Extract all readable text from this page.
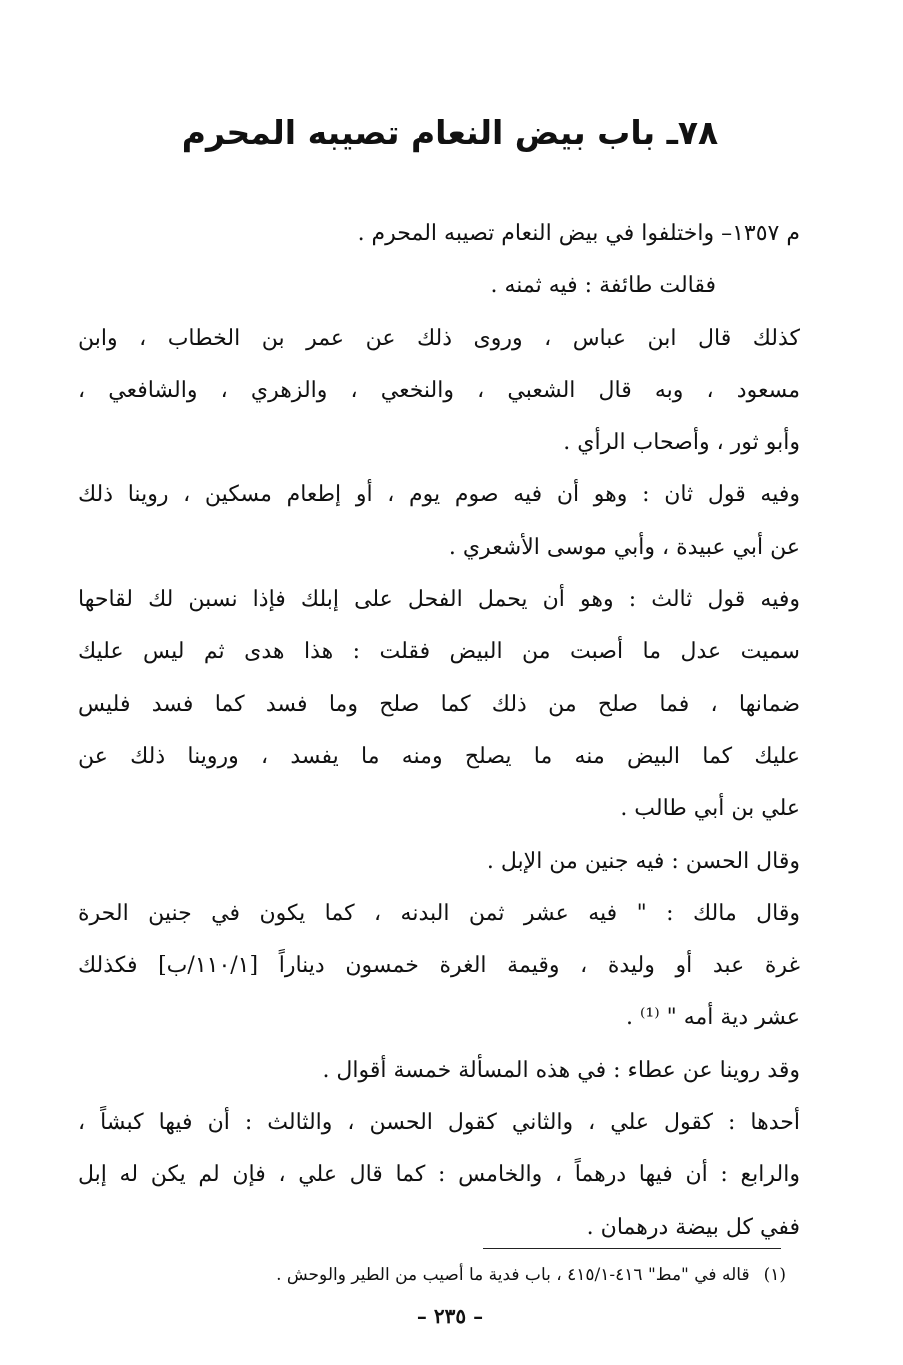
٧٨ـ باب بيض النعام تصيبه المحرم
م ١٣٥٧– واختلفوا في بيض النعام تصيبه المحرم .
فقالت طائفة : فيه ثمنه .
كذلك قال ابن عباس ، وروى ذلك عن عمر بن الخطاب ، وابن
مسعود ، وبه قال الشعبي ، والنخعي ، والزهري ، والشافعي ،
وأبو ثور ، وأصحاب الرأي .
وفيه قول ثان : وهو أن فيه صوم يوم ، أو إطعام مسكين ، روينا ذلك
عن أبي عبيدة ، وأبي موسى الأشعري .
وفيه قول ثالث : وهو أن يحمل الفحل على إبلك فإذا نسبن لك لقاحها
سميت عدل ما أصبت من البيض فقلت : هذا هدى ثم ليس عليك
ضمانها ، فما صلح من ذلك كما صلح وما فسد كما فسد فليس
عليك كما البيض منه ما يصلح ومنه ما يفسد ، وروينا ذلك عن
علي بن أبي طالب .
وقال الحسن : فيه جنين من الإبل .
وقال مالك : " فيه عشر ثمن البدنه ، كما يكون في جنين الحرة
غرة عبد أو وليدة ، وقيمة الغرة خمسون ديناراً [١١٠/١/ب] فكذلك
عشر دية أمه " ⁽¹⁾ .
وقد روينا عن عطاء : في هذه المسألة خمسة أقوال .
أحدها : كقول علي ، والثاني كقول الحسن ، والثالث : أن فيها كبشاً ،
والرابع : أن فيها درهماً ، والخامس : كما قال علي ، فإن لم يكن له إبل
ففي كل بيضة درهمان .
(١)قاله في "مط" ٤١٦-٤١٥/١ ، باب فدية ما أصيب من الطير والوحش .
– ٢٣٥ –
